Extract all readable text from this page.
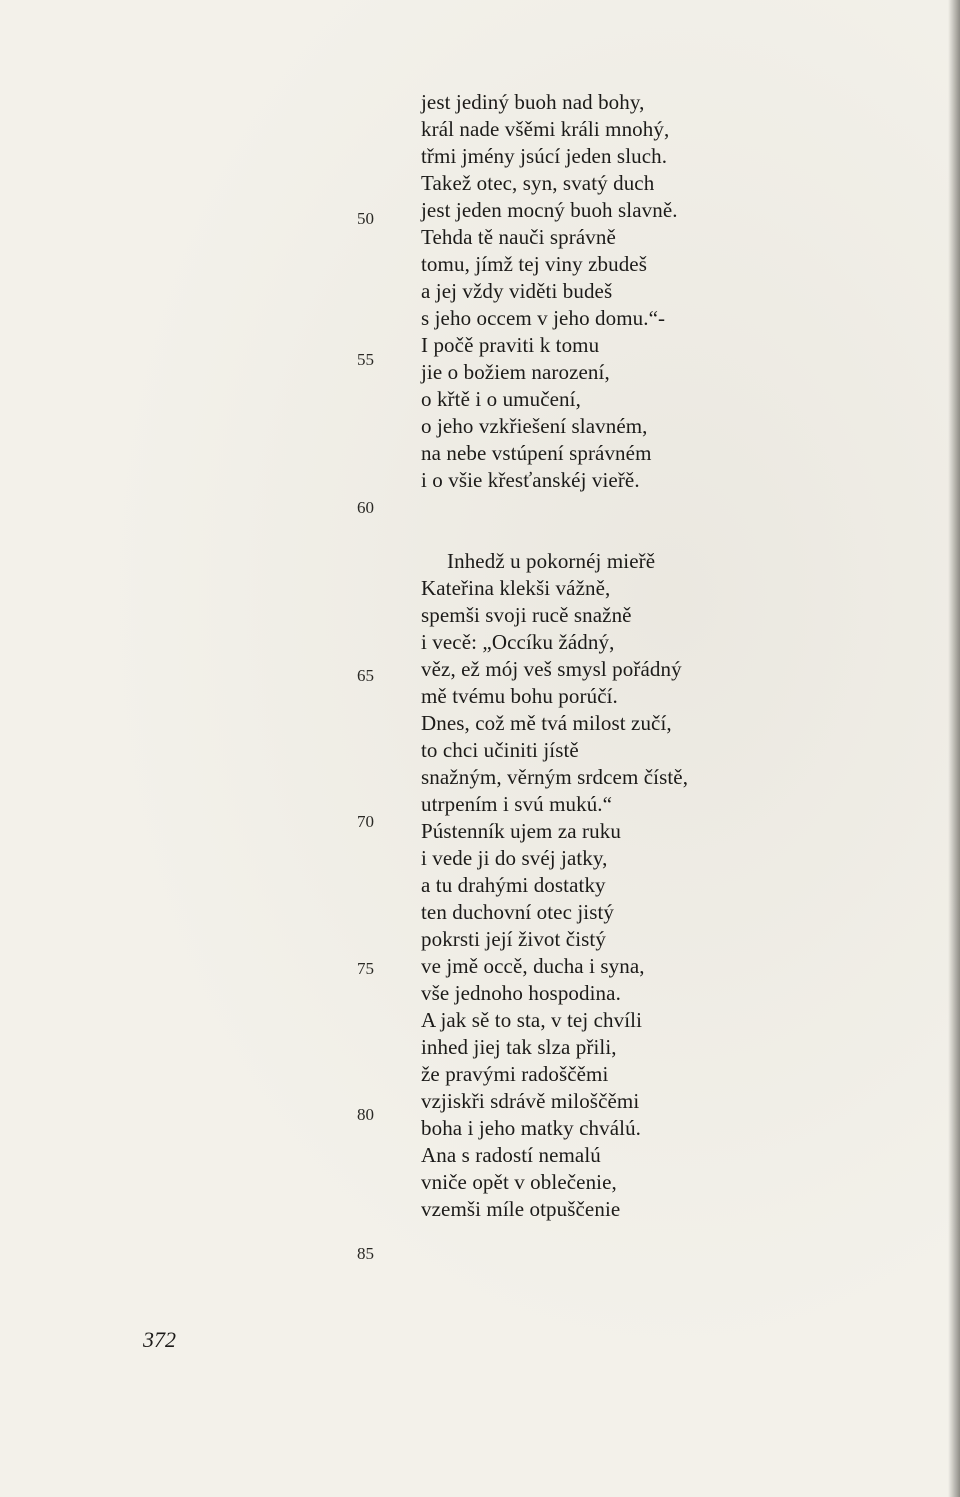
jest jediný buoh nad bohy,
král nade všěmi králi mnohý,
třmi jmény jsúcí jeden sluch.
Takež otec, syn, svatý duch
jest jeden mocný buoh slavně.
Tehda tě nauči správně
tomu, jímž tej viny zbudeš
a jej vždy viděti budeš
s jeho occem v jeho domu.“-
I počě praviti k tomu
jie o božiem narození,
o křtě i o umučení,
o jeho vzkřiešení slavném,
na nebe vstúpení správném
i o všie křesťanskéj vieřě.
Inhedž u pokornéj mieřě
Kateřina klekši vážně,
spemši svoji rucě snažně
i vecě: „Occíku žádný,
věz, ež mój veš smysl pořádný
mě tvému bohu porúčí.
Dnes, což mě tvá milost zučí,
to chci učiniti jístě
snažným, věrným srdcem čístě,
utrpením i svú mukú.“
Pústenník ujem za ruku
i vede ji do svéj jatky,
a tu drahými dostatky
ten duchovní otec jistý
pokrsti její život čistý
ve jmě occě, ducha i syna,
vše jednoho hospodina.
A jak sě to sta, v tej chvíli
inhed jiej tak slza přili,
že pravými radoščěmi
vzjiskři sdrávě miloščěmi
boha i jeho matky chválú.
Ana s radostí nemalú
vniče opět v oblečenie,
vzemši míle otpuščenie
50
55
60
65
70
75
80
85
372
